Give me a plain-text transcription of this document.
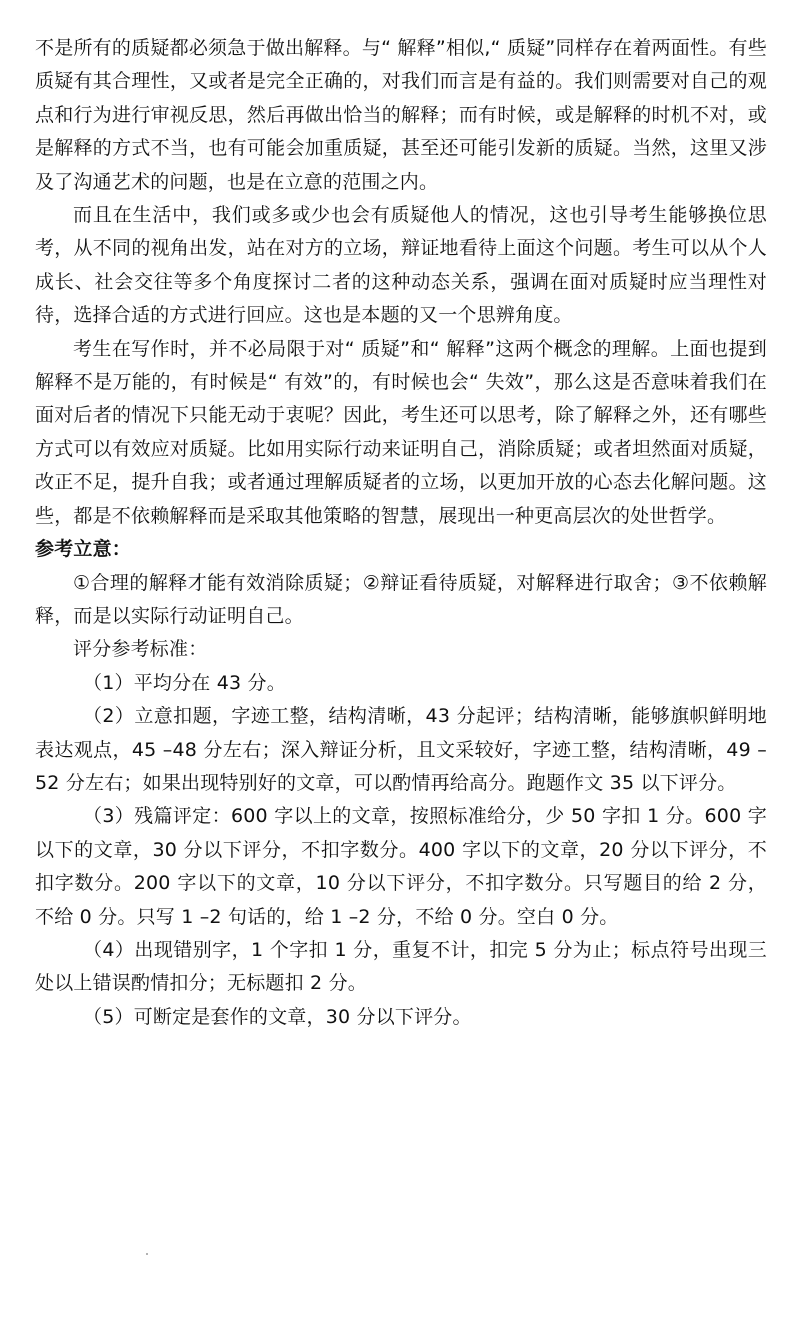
不是所有的质疑都必须急于做出解释。与“ 解释”相似,“ 质疑”同样存在着两面性。有些质疑有其合理性，又或者是完全正确的，对我们而言是有益的。我们则需要对自己的观点和行为进行审视反思，然后再做出恰当的解释；而有时候，或是解释的时机不对，或是解释的方式不当，也有可能会加重质疑，甚至还可能引发新的质疑。当然，这里又涉及了沟通艺术的问题，也是在立意的范围之内。

而且在生活中，我们或多或少也会有质疑他人的情况，这也引导考生能够换位思考，从不同的视角出发，站在对方的立场，辩证地看待上面这个问题。考生可以从个人成长、社会交往等多个角度探讨二者的这种动态关系，强调在面对质疑时应当理性对待，选择合适的方式进行回应。这也是本题的又一个思辨角度。

考生在写作时，并不必局限于对“ 质疑”和“ 解释”这两个概念的理解。上面也提到解释不是万能的，有时候是“ 有效”的，有时候也会“ 失效”，那么这是否意味着我们在面对后者的情况下只能无动于衷呢？因此，考生还可以思考，除了解释之外，还有哪些方式可以有效应对质疑。比如用实际行动来证明自己，消除质疑；或者坦然面对质疑，改正不足，提升自我；或者通过理解质疑者的立场，以更加开放的心态去化解问题。这些，都是不依赖解释而是采取其他策略的智慧，展现出一种更高层次的处世哲学。

参考立意：

①合理的解释才能有效消除质疑；②辩证看待质疑，对解释进行取舍；③不依赖解释，而是以实际行动证明自己。

评分参考标准：

（1）平均分在 43 分。

（2）立意扣题，字迹工整，结构清晰，43 分起评；结构清晰，能够旗帜鲜明地表达观点，45 –48 分左右；深入辩证分析，且文采较好，字迹工整，结构清晰，49 –52 分左右；如果出现特别好的文章，可以酌情再给高分。跑题作文 35 以下评分。

（3）残篇评定：600 字以上的文章，按照标准给分，少 50 字扣 1 分。600 字以下的文章，30 分以下评分，不扣字数分。400 字以下的文章，20 分以下评分，不扣字数分。200 字以下的文章，10 分以下评分，不扣字数分。只写题目的给 2 分，不给 0 分。只写 1 –2 句话的，给 1 –2 分，不给 0 分。空白 0 分。

（4）出现错别字，1 个字扣 1 分，重复不计，扣完 5 分为止；标点符号出现三处以上错误酌情扣分；无标题扣 2 分。

（5）可断定是套作的文章，30 分以下评分。
